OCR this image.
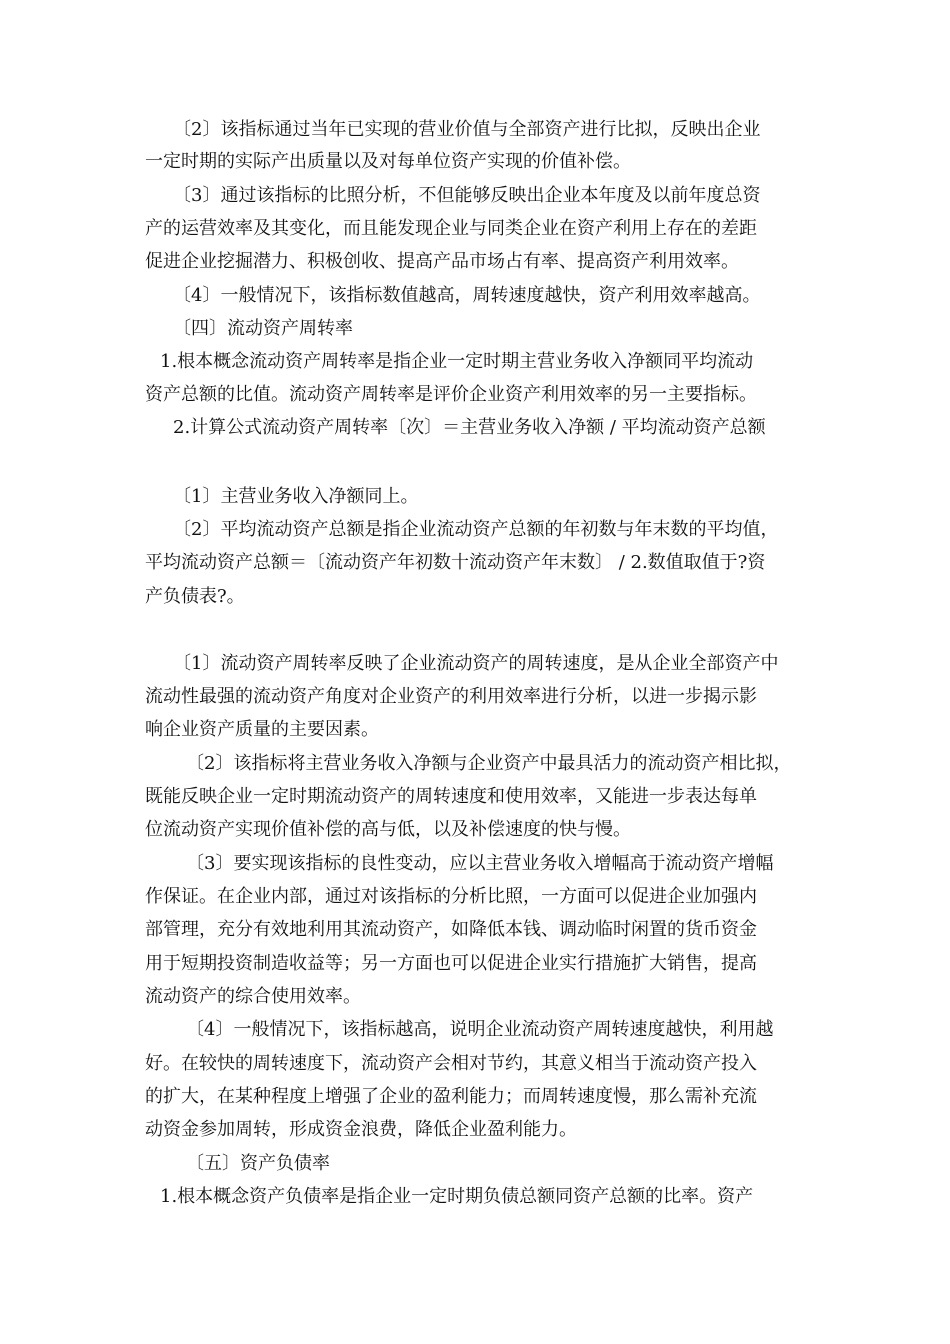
〔2〕该指标通过当年已实现的营业价值与全部资产进行比拟，反映出企业
一定时期的实际产出质量以及对每单位资产实现的价值补偿。
〔3〕通过该指标的比照分析，不但能够反映出企业本年度及以前年度总资
产的运营效率及其变化，而且能发现企业与同类企业在资产利用上存在的差距
促进企业挖掘潜力、积极创收、提高产品市场占有率、提高资产利用效率。
〔4〕一般情况下，该指标数值越高，周转速度越快，资产利用效率越高。
〔四〕流动资产周转率
1.根本概念流动资产周转率是指企业一定时期主营业务收入净额同平均流动
资产总额的比值。流动资产周转率是评价企业资产利用效率的另一主要指标。
2.计算公式流动资产周转率〔次〕＝主营业务收入净额 / 平均流动资产总额
〔1〕主营业务收入净额同上。
〔2〕平均流动资产总额是指企业流动资产总额的年初数与年末数的平均值，
平均流动资产总额＝〔流动资产年初数十流动资产年末数〕 / 2.数值取值于?资
产负债表?。
〔1〕流动资产周转率反映了企业流动资产的周转速度，是从企业全部资产中
流动性最强的流动资产角度对企业资产的利用效率进行分析，以进一步揭示影
响企业资产质量的主要因素。
〔2〕该指标将主营业务收入净额与企业资产中最具活力的流动资产相比拟，
既能反映企业一定时期流动资产的周转速度和使用效率，又能进一步表达每单
位流动资产实现价值补偿的高与低，以及补偿速度的快与慢。
〔3〕要实现该指标的良性变动，应以主营业务收入增幅高于流动资产增幅
作保证。在企业内部，通过对该指标的分析比照，一方面可以促进企业加强内
部管理，充分有效地利用其流动资产，如降低本钱、调动临时闲置的货币资金
用于短期投资制造收益等；另一方面也可以促进企业实行措施扩大销售，提高
流动资产的综合使用效率。
〔4〕一般情况下，该指标越高，说明企业流动资产周转速度越快，利用越
好。在较快的周转速度下，流动资产会相对节约，其意义相当于流动资产投入
的扩大，在某种程度上增强了企业的盈利能力；而周转速度慢，那么需补充流
动资金参加周转，形成资金浪费，降低企业盈利能力。
〔五〕资产负债率
1.根本概念资产负债率是指企业一定时期负债总额同资产总额的比率。资产
